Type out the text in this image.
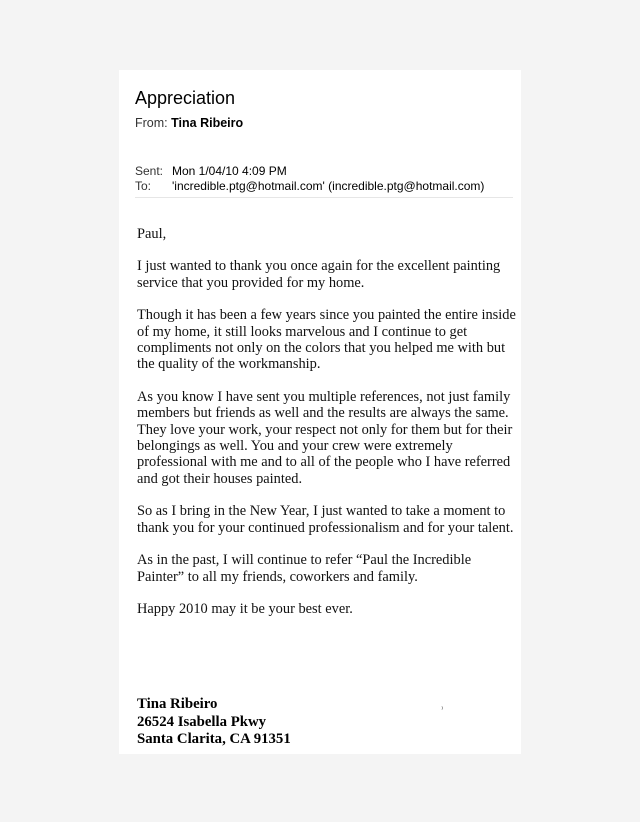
Appreciation
From: Tina Ribeiro
Sent: Mon 1/04/10 4:09 PM
To: 'incredible.ptg@hotmail.com' (incredible.ptg@hotmail.com)

Paul,

I just wanted to thank you once again for the excellent painting service that you provided for my home.

Though it has been a few years since you painted the entire inside of my home, it still looks marvelous and I continue to get compliments not only on the colors that you helped me with but the quality of the workmanship.

As you know I have sent you multiple references, not just family members but friends as well and the results are always the same. They love your work, your respect not only for them but for their belongings as well. You and your crew were extremely professional with me and to all of the people who I have referred and got their houses painted.

So as I bring in the New Year, I just wanted to take a moment to thank you for your continued professionalism and for your talent.

As in the past, I will continue to refer “Paul the Incredible Painter” to all my friends, coworkers and family.

Happy 2010 may it be your best ever.

Tina Ribeiro
26524 Isabella Pkwy
Santa Clarita, CA 91351
